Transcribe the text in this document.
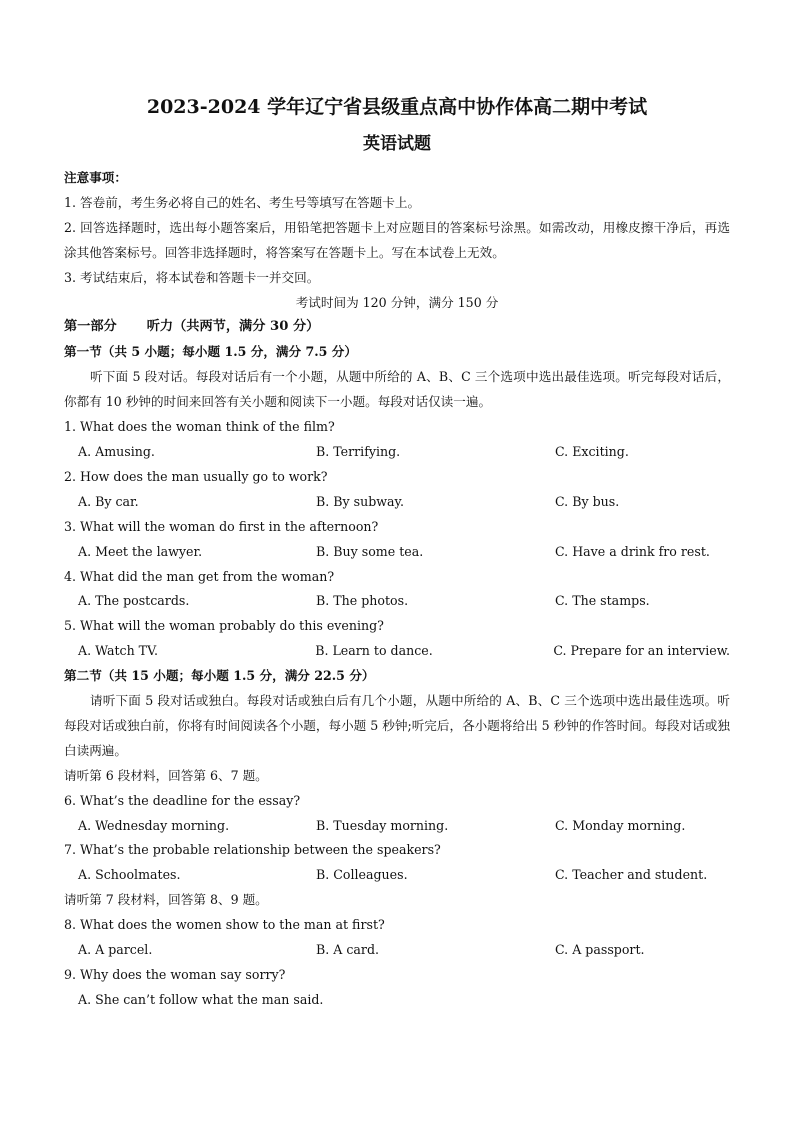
2023-2024 学年辽宁省县级重点高中协作体高二期中考试
英语试题
注意事项：
1. 答卷前，考生务必将自己的姓名、考生号等填写在答题卡上。
2. 回答选择题时，选出每小题答案后，用铅笔把答题卡上对应题目的答案标号涂黑。如需改动，用橡皮擦干净后，再选涂其他答案标号。回答非选择题时，将答案写在答题卡上。写在本试卷上无效。
3. 考试结束后，将本试卷和答题卡一并交回。
考试时间为 120 分钟，满分 150 分
第一部分 听力（共两节，满分 30 分）
第一节（共 5 小题；每小题 1.5 分，满分 7.5 分）
听下面 5 段对话。每段对话后有一个小题，从题中所给的 A、B、C 三个选项中选出最佳选项。听完每段对话后，你都有 10 秒钟的时间来回答有关小题和阅读下一小题。每段对话仅读一遍。
1. What does the woman think of the film?
A. Amusing.	B. Terrifying.	C. Exciting.
2. How does the man usually go to work?
A. By car.	B. By subway.	C. By bus.
3. What will the woman do first in the afternoon?
A. Meet the lawyer.	B. Buy some tea.	C. Have a drink fro rest.
4. What did the man get from the woman?
A. The postcards.	B. The photos.	C. The stamps.
5. What will the woman probably do this evening?
A. Watch TV.	B. Learn to dance.	C. Prepare for an interview.
第二节（共 15 小题；每小题 1.5 分，满分 22.5 分）
请听下面 5 段对话或独白。每段对话或独白后有几个小题，从题中所给的 A、B、C 三个选项中选出最佳选项。听每段对话或独白前，你将有时间阅读各个小题，每小题 5 秒钟;听完后，各小题将给出 5 秒钟的作答时间。每段对话或独白读两遍。
请听第 6 段材料，回答第 6、7 题。
6. What’s the deadline for the essay?
A. Wednesday morning.	B. Tuesday morning.	C. Monday morning.
7. What’s the probable relationship between the speakers?
A. Schoolmates.	B. Colleagues.	C. Teacher and student.
请听第 7 段材料，回答第 8、9 题。
8. What does the women show to the man at first?
A. A parcel.	B. A card.	C. A passport.
9. Why does the woman say sorry?
A. She can’t follow what the man said.
